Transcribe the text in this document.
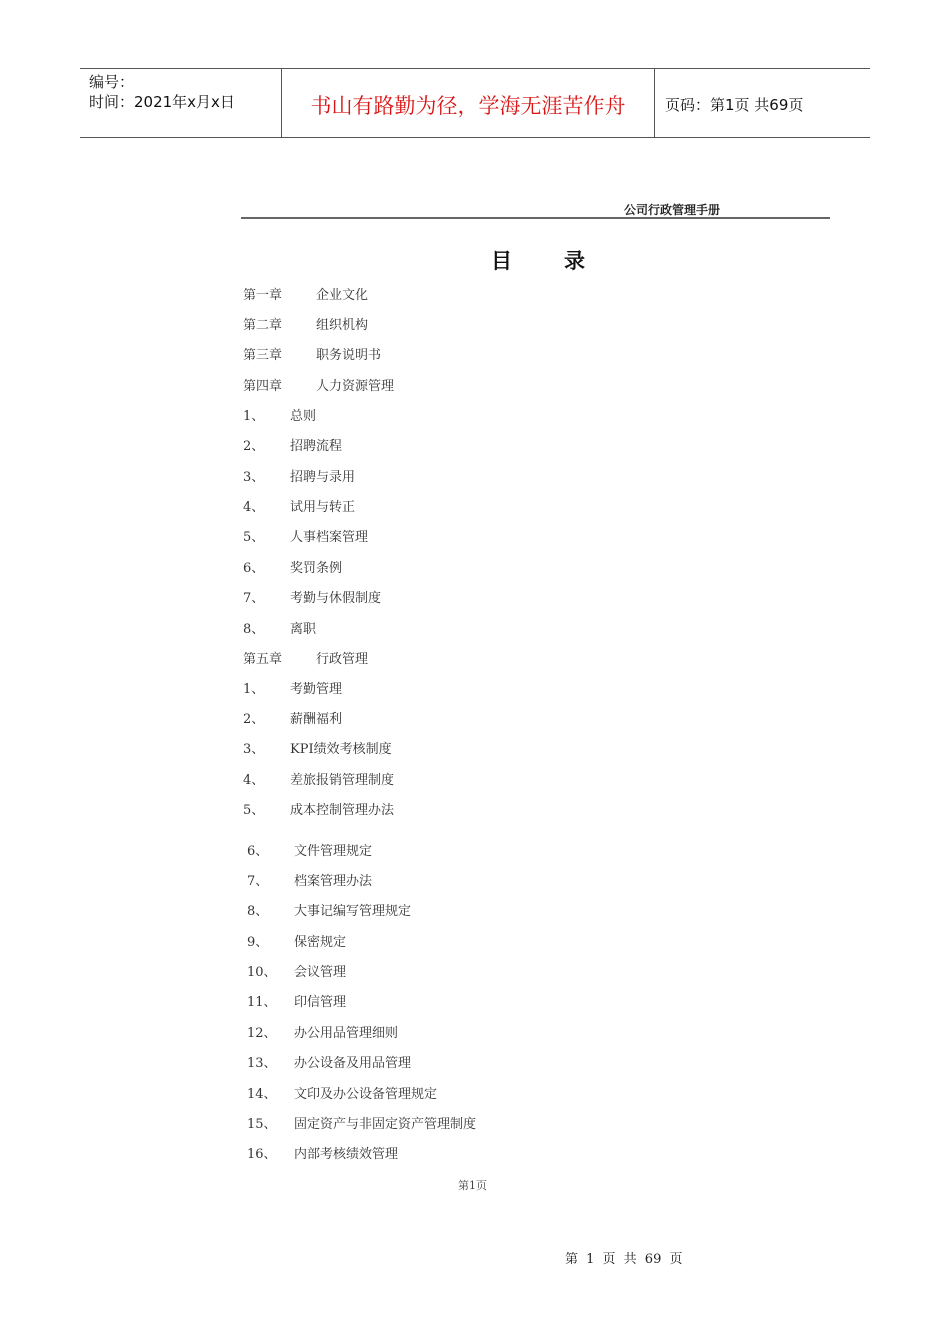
编号：
时间：2021年x月x日	书山有路勤为径，学海无涯苦作舟	页码：第1页 共69页
公司行政管理手册
目录
第一章	企业文化
第二章	组织机构
第三章	职务说明书
第四章	人力资源管理
1、 总则
2、 招聘流程
3、 招聘与录用
4、 试用与转正
5、 人事档案管理
6、 奖罚条例
7、 考勤与休假制度
8、 离职
第五章	行政管理
1、 考勤管理
2、 薪酬福利
3、 KPI绩效考核制度
4、 差旅报销管理制度
5、 成本控制管理办法
6、 文件管理规定
7、 档案管理办法
8、 大事记编写管理规定
9、 保密规定
10、 会议管理
11、 印信管理
12、 办公用品管理细则
13、 办公设备及用品管理
14、 文印及办公设备管理规定
15、 固定资产与非固定资产管理制度
16、 内部考核绩效管理
第1页
第 1 页 共 69 页
